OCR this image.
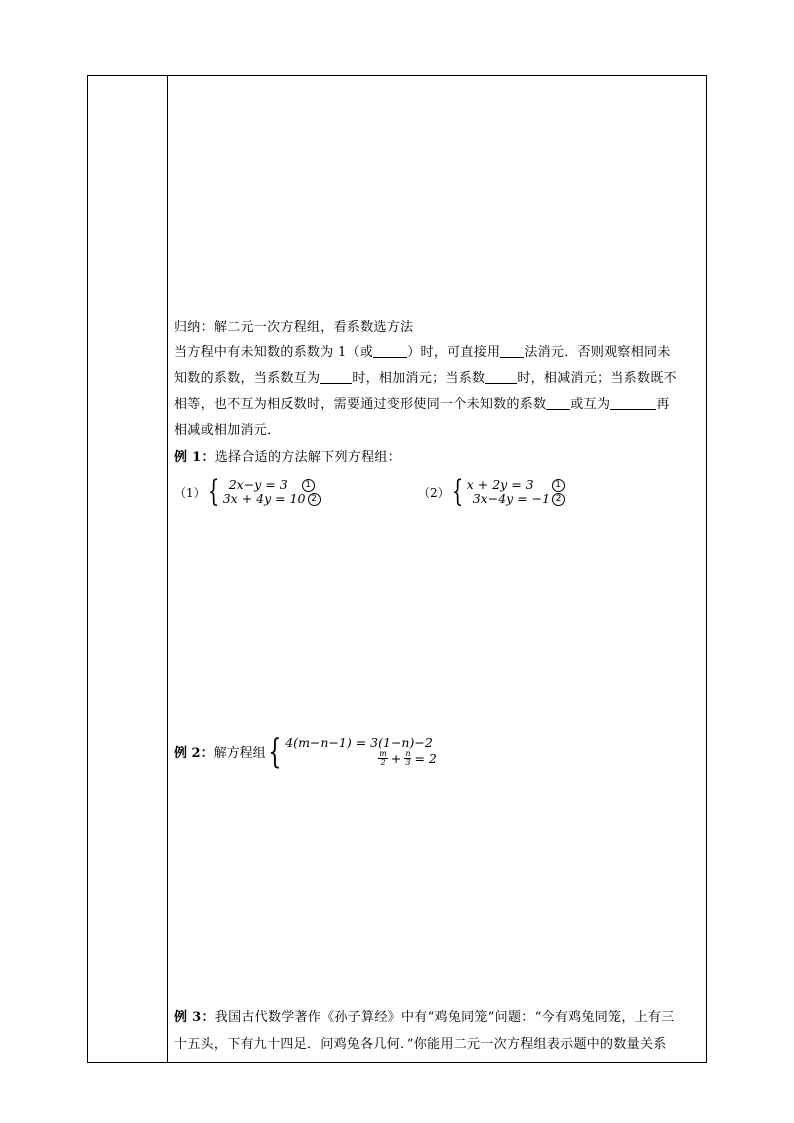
归纳：解二元一次方程组，看系数选方法
当方程中有未知数的系数为 1（或	）时，可直接用 法消元．否则观察相同未
知数的系数，当系数互为 时，相加消元；当系数 时，相减消元；当系数既不
相等，也不互为相反数时，需要通过变形使同一个未知数的系数 或互为	再
相减或相加消元．
例 1：选择合适的方法解下列方程组：
（1） { 2x−y = 3	1
3x + 4y = 10 2	（2） { x + 2y = 3	1
3x−4y = −1 2
例 2： 解方程组 { 4(m−n−1) = 3(1−n)−2
$\frac{m}{2} + \frac{n}{3} = 2$
例 3：我国古代数学著作《孙子算经》中有“鸡兔同笼”问题：“今有鸡兔同笼，上有三
十五头，下有九十四足．问鸡兔各几何．”你能用二元一次方程组表示题中的数量关系
